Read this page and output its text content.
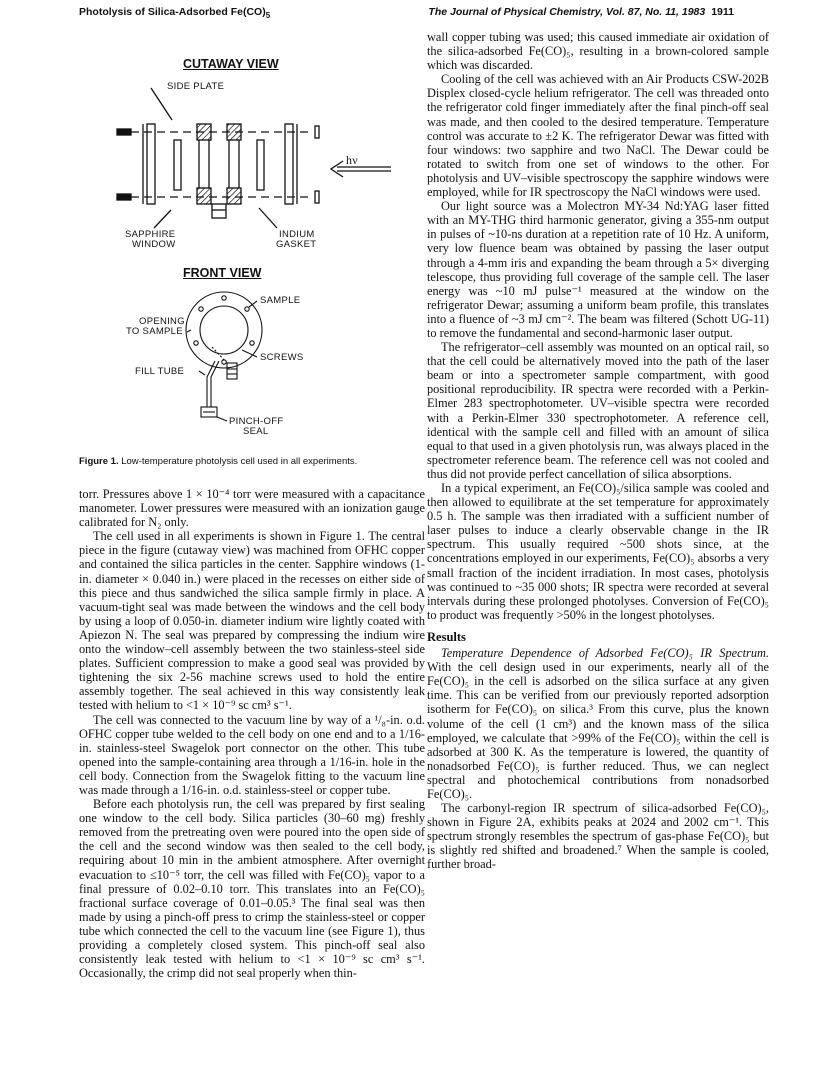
Photolysis of Silica-Adsorbed $Fe(CO)_5$	The Journal of Physical Chemistry, Vol. 87, No. 11, 1983 1911
CUTAWAY VIEW
SIDE PLATE
hν
SAPPHIRE
WINDOW
INDIUM
GASKET
FRONT VIEW
SAMPLE
OPENING
TO SAMPLE
SCREWS
FILL TUBE
PINCH-OFF
SEAL
Figure 1. Low-temperature photolysis cell used in all experiments.

torr. Pressures above 1 × 10⁻⁴ torr were measured with a capacitance manometer. Lower pressures were measured with an ionization gauge calibrated for N₂ only.

The cell used in all experiments is shown in Figure 1. The central piece in the figure (cutaway view) was machined from OFHC copper and contained the silica particles in the center. Sapphire windows (1-in. diameter × 0.040 in.) were placed in the recesses on either side of this piece and thus sandwiched the silica sample firmly in place. A vacuum-tight seal was made between the windows and the cell body by using a loop of 0.050-in. diameter indium wire lightly coated with Apiezon N. The seal was prepared by compressing the indium wire onto the window–cell assembly between the two stainless-steel side plates. Sufficient compression to make a good seal was provided by tightening the six 2-56 machine screws used to hold the entire assembly together. The seal achieved in this way consistently leak tested with helium to <1 × 10⁻⁹ sc cm³ s⁻¹.

The cell was connected to the vacuum line by way of a ¹/₈-in. o.d. OFHC copper tube welded to the cell body on one end and to a 1/16-in. stainless-steel Swagelok port connector on the other. This tube opened into the sample-containing area through a 1/16-in. hole in the cell body. Connection from the Swagelok fitting to the vacuum line was made through a 1/16-in. o.d. stainless-steel or copper tube.

Before each photolysis run, the cell was prepared by first sealing one window to the cell body. Silica particles (30–60 mg) freshly removed from the pretreating oven were poured into the open side of the cell and the second window was then sealed to the cell body, requiring about 10 min in the ambient atmosphere. After overnight evacuation to ≤10⁻⁵ torr, the cell was filled with Fe(CO)₅ vapor to a final pressure of 0.02–0.10 torr. This translates into an Fe(CO)₅ fractional surface coverage of 0.01–0.05.³ The final seal was then made by using a pinch-off press to crimp the stainless-steel or copper tube which connected the cell to the vacuum line (see Figure 1), thus providing a completely closed system. This pinch-off seal also consistently leak tested with helium to <1 × 10⁻⁹ sc cm³ s⁻¹. Occasionally, the crimp did not seal properly when thin-

wall copper tubing was used; this caused immediate air oxidation of the silica-adsorbed Fe(CO)₅, resulting in a brown-colored sample which was discarded.

Cooling of the cell was achieved with an Air Products CSW-202B Displex closed-cycle helium refrigerator. The cell was threaded onto the refrigerator cold finger immediately after the final pinch-off seal was made, and then cooled to the desired temperature. Temperature control was accurate to ±2 K. The refrigerator Dewar was fitted with four windows: two sapphire and two NaCl. The Dewar could be rotated to switch from one set of windows to the other. For photolysis and UV–visible spectroscopy the sapphire windows were employed, while for IR spectroscopy the NaCl windows were used.

Our light source was a Molectron MY-34 Nd:YAG laser fitted with an MY-THG third harmonic generator, giving a 355-nm output in pulses of ~10-ns duration at a repetition rate of 10 Hz. A uniform, very low fluence beam was obtained by passing the laser output through a 4-mm iris and expanding the beam through a 5× diverging telescope, thus providing full coverage of the sample cell. The laser energy was ~10 mJ pulse⁻¹ measured at the window on the refrigerator Dewar; assuming a uniform beam profile, this translates into a fluence of ~3 mJ cm⁻². The beam was filtered (Schott UG-11) to remove the fundamental and second-harmonic laser output.

The refrigerator–cell assembly was mounted on an optical rail, so that the cell could be alternatively moved into the path of the laser beam or into a spectrometer sample compartment, with good positional reproducibility. IR spectra were recorded with a Perkin-Elmer 283 spectrophotometer. UV–visible spectra were recorded with a Perkin-Elmer 330 spectrophotometer. A reference cell, identical with the sample cell and filled with an amount of silica equal to that used in a given photolysis run, was always placed in the spectrometer reference beam. The reference cell was not cooled and thus did not provide perfect cancellation of silica absorptions.

In a typical experiment, an Fe(CO)₅/silica sample was cooled and then allowed to equilibrate at the set temperature for approximately 0.5 h. The sample was then irradiated with a sufficient number of laser pulses to induce a clearly observable change in the IR spectrum. This usually required ~500 shots since, at the concentrations employed in our experiments, Fe(CO)₅ absorbs a very small fraction of the incident irradiation. In most cases, photolysis was continued to ~35 000 shots; IR spectra were recorded at several intervals during these prolonged photolyses. Conversion of Fe(CO)₅ to product was frequently >50% in the longest photolyses.

Results

Temperature Dependence of Adsorbed Fe(CO)₅ IR Spectrum. With the cell design used in our experiments, nearly all of the Fe(CO)₅ in the cell is adsorbed on the silica surface at any given time. This can be verified from our previously reported adsorption isotherm for Fe(CO)₅ on silica.³ From this curve, plus the known volume of the cell (1 cm³) and the known mass of the silica employed, we calculate that >99% of the Fe(CO)₅ within the cell is adsorbed at 300 K. As the temperature is lowered, the quantity of nonadsorbed Fe(CO)₅ is further reduced. Thus, we can neglect spectral and photochemical contributions from nonadsorbed Fe(CO)₅.

The carbonyl-region IR spectrum of silica-adsorbed Fe(CO)₅, shown in Figure 2A, exhibits peaks at 2024 and 2002 cm⁻¹. This spectrum strongly resembles the spectrum of gas-phase Fe(CO)₅ but is slightly red shifted and broadened.⁷ When the sample is cooled, further broad-
